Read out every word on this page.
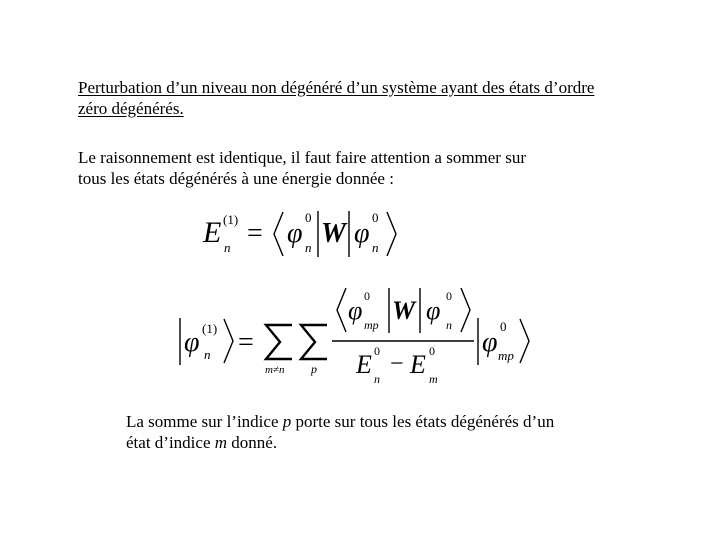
Perturbation d’un niveau non dégénéré d’un système ayant des états d’ordre
zéro dégénérés.
Le raisonnement est identique, il faut faire attention a sommer sur
tous les états dégénérés à une énergie donnée :
E (1)
n = φ
0
n W φ
0
n
φ (1)
n =
m≠n p
φ 0
mp W φ 0
n
E 0
n
− E 0
m
φ
0
mp
La somme sur l’indice p porte sur tous les états dégénérés d’un
état d’indice m donné.
